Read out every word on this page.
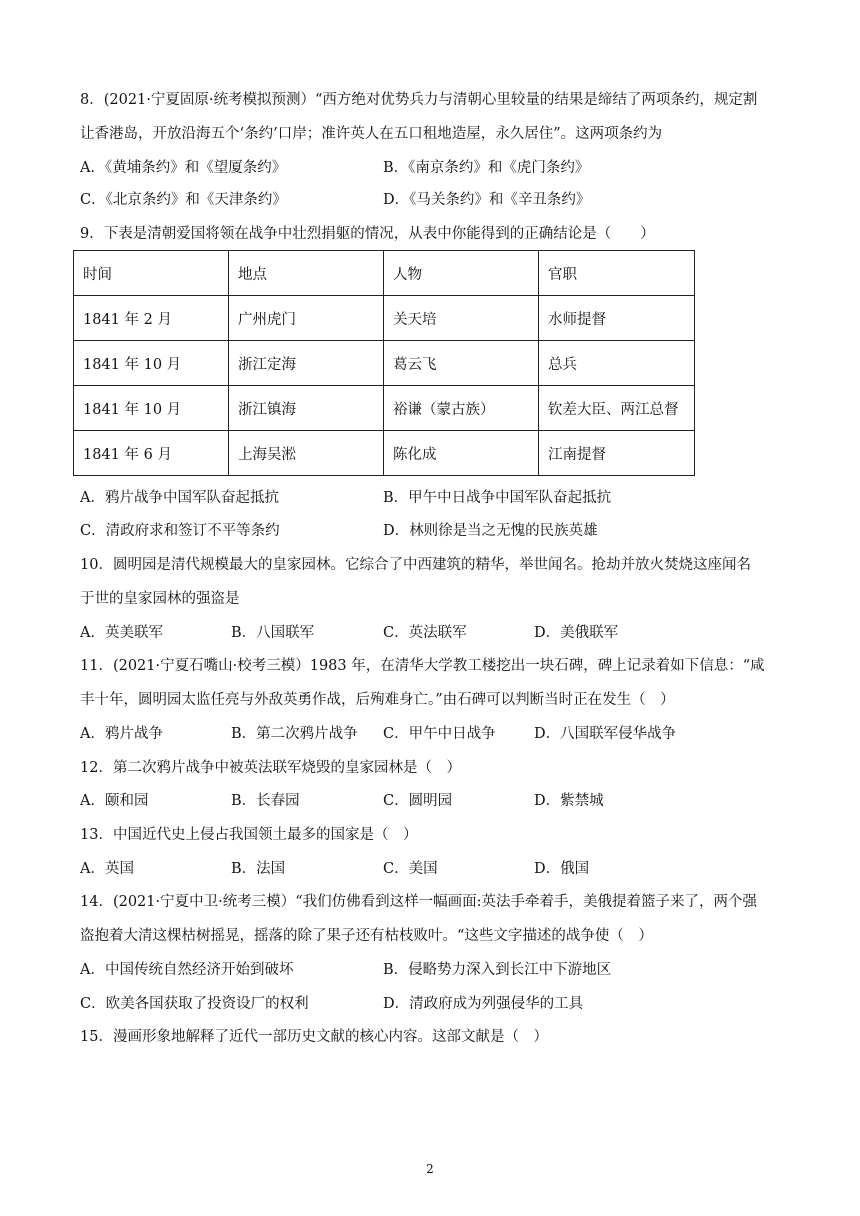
8．(2021·宁夏固原·统考模拟预测）“西方绝对优势兵力与清朝心里较量的结果是缔结了两项条约，规定割
让香港岛，开放沿海五个‘条约’口岸；准许英人在五口租地造屋，永久居住”。这两项条约为
A．《黄埔条约》和《望厦条约》	B．《南京条约》和《虎门条约》
C．《北京条约》和《天津条约》	D．《马关条约》和《辛丑条约》
9．下表是清朝爱国将领在战争中壮烈捐躯的情况，从表中你能得到的正确结论是（　　）
时间	地点	人物	官职
1841 年 2 月	广州虎门	关天培	水师提督
1841 年 10 月	浙江定海	葛云飞	总兵
1841 年 10 月	浙江镇海	裕谦（蒙古族）	钦差大臣、两江总督
1841 年 6 月	上海吴淞	陈化成	江南提督
A．鸦片战争中国军队奋起抵抗	B．甲午中日战争中国军队奋起抵抗
C．清政府求和签订不平等条约	D．林则徐是当之无愧的民族英雄
10．圆明园是清代规模最大的皇家园林。它综合了中西建筑的精华，举世闻名。抢劫并放火焚烧这座闻名
于世的皇家园林的强盗是
A．英美联军	B．八国联军	C．英法联军	D．美俄联军
11．(2021·宁夏石嘴山·校考三模）1983 年，在清华大学教工楼挖出一块石碑，碑上记录着如下信息：“咸
丰十年，圆明园太监任亮与外敌英勇作战，后殉难身亡。”由石碑可以判断当时正在发生（　）
A．鸦片战争	B．第二次鸦片战争 C．甲午中日战争	D．八国联军侵华战争
12．第二次鸦片战争中被英法联军烧毁的皇家园林是（　）
A．颐和园	B．长春园	C．圆明园	D．紫禁城
13．中国近代史上侵占我国领土最多的国家是（　）
A．英国	B．法国	C．美国	D．俄国
14．(2021·宁夏中卫·统考三模）“我们仿佛看到这样一幅画面:英法手牵着手，美俄提着篮子来了，两个强
盗抱着大清这棵枯树摇晃，摇落的除了果子还有枯枝败叶。“这些文字描述的战争使（　）
A．中国传统自然经济开始到破坏	B．侵略势力深入到长江中下游地区
C．欧美各国获取了投资设厂的权利	D．清政府成为列强侵华的工具
15．漫画形象地解释了近代一部历史文献的核心内容。这部文献是（　）
2
